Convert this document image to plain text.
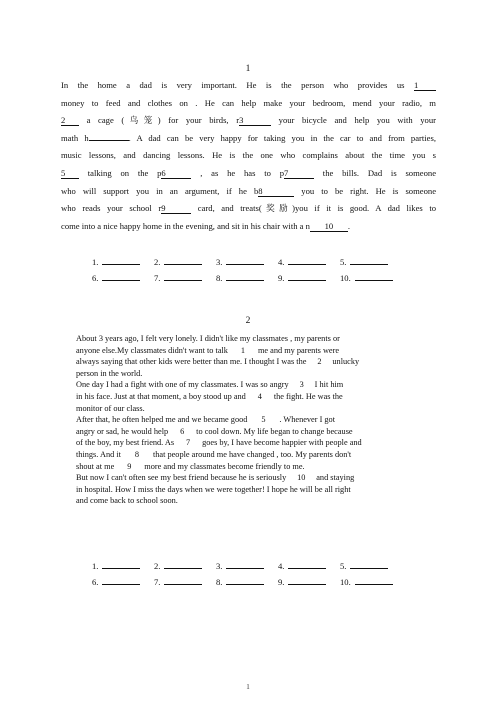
1
In the home a dad is very important. He is the person who provides us 1
money to feed and clothes on . He can help make your bedroom, mend your radio, m
2 a cage (鸟笼) for your birds, r3	your bicycle and help you with your
math h	. A dad can be very happy for taking you in the car to and from parties,
music lessons, and dancing lessons. He is the one who complains about the time you s
5 talking on the p6	, as he has to p7	the bills. Dad is someone
who will support you in an argument, if he b8	you to be right. He is someone
who reads your school r9	card, and treats(奖励)you if it is good. A dad likes to
come into a nice happy home in the evening, and sit in his chair with a n 10 .
1.	2.	3.	4.	5.
6.	7.	8.	9.	10.
2
About 3 years ago, I felt very lonely. I didn't like my classmates , my parents or
anyone else.My classmates didn't want to talk 1 me and my parents were
always saying that other kids were better than me. I thought I was the 2 unlucky
person in the world.
One day I had a fight with one of my classmates. I was so angry 3 I hit him
in his face. Just at that moment, a boy stood up and 4 the fight. He was the
monitor of our class.
After that, he often helped me and we became good 5 . Whenever I got
angry or sad, he would help 6 to cool down. My life began to change because
of the boy, my best friend. As 7 goes by, I have become happier with people and
things. And it 8 that people around me have changed , too. My parents don't
shout at me 9 more and my classmates become friendly to me.
But now I can't often see my best friend because he is seriously 10 and staying
in hospital. How I miss the days when we were together! I hope he will be all right
and come back to school soon.
1.	2.	3.	4.	5.
6.	7.	8.	9.	10.
1
